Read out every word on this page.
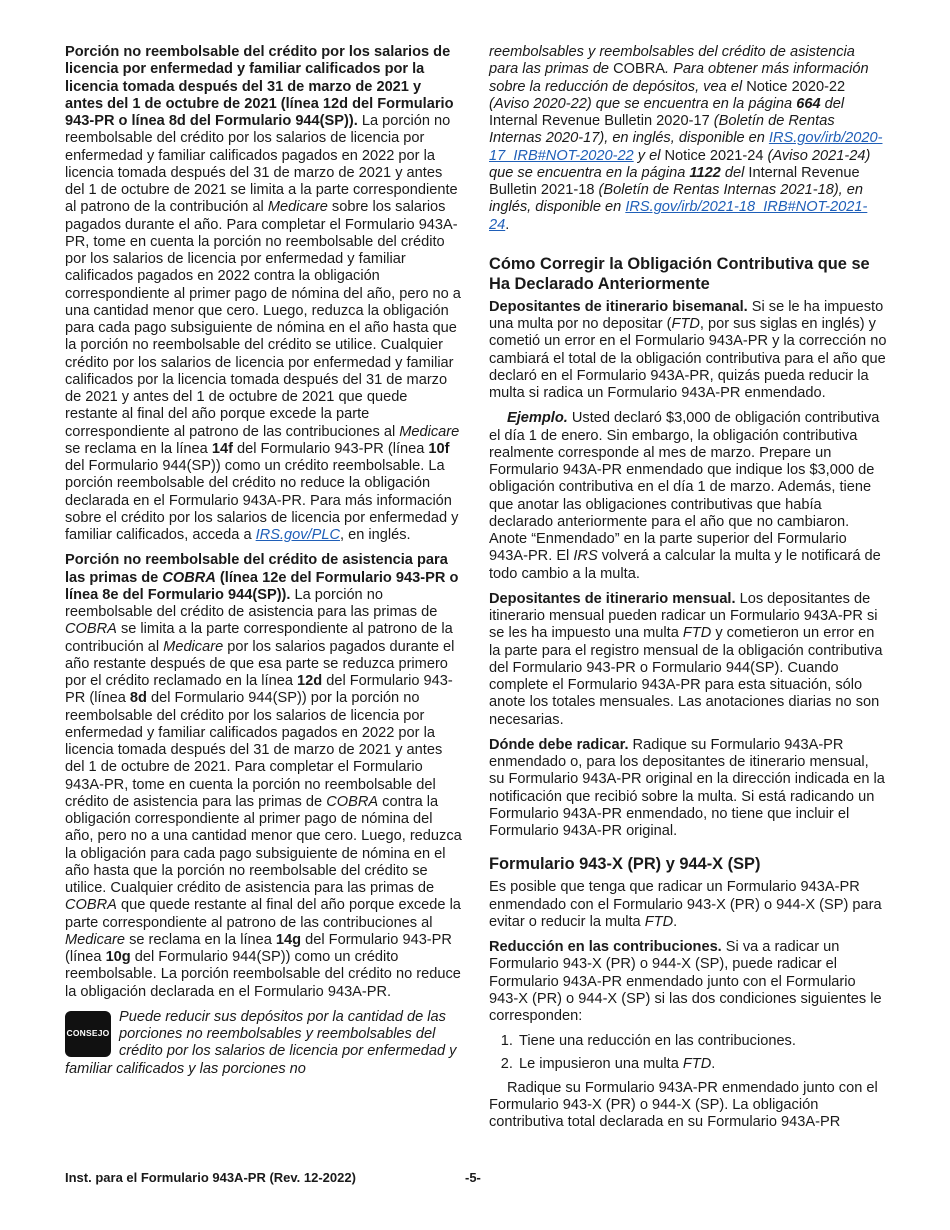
Porción no reembolsable del crédito por los salarios de licencia por enfermedad y familiar calificados por la licencia tomada después del 31 de marzo de 2021 y antes del 1 de octubre de 2021 (línea 12d del Formulario 943-PR o línea 8d del Formulario 944(SP)). La porción no reembolsable del crédito por los salarios de licencia por enfermedad y familiar calificados pagados en 2022 por la licencia tomada después del 31 de marzo de 2021 y antes del 1 de octubre de 2021 se limita a la parte correspondiente al patrono de la contribución al Medicare sobre los salarios pagados durante el año. Para completar el Formulario 943A-PR, tome en cuenta la porción no reembolsable del crédito por los salarios de licencia por enfermedad y familiar calificados pagados en 2022 contra la obligación correspondiente al primer pago de nómina del año, pero no a una cantidad menor que cero. Luego, reduzca la obligación para cada pago subsiguiente de nómina en el año hasta que la porción no reembolsable del crédito se utilice. Cualquier crédito por los salarios de licencia por enfermedad y familiar calificados por la licencia tomada después del 31 de marzo de 2021 y antes del 1 de octubre de 2021 que quede restante al final del año porque excede la parte correspondiente al patrono de las contribuciones al Medicare se reclama en la línea 14f del Formulario 943-PR (línea 10f del Formulario 944(SP)) como un crédito reembolsable. La porción reembolsable del crédito no reduce la obligación declarada en el Formulario 943A-PR. Para más información sobre el crédito por los salarios de licencia por enfermedad y familiar calificados, acceda a IRS.gov/PLC, en inglés.

Porción no reembolsable del crédito de asistencia para las primas de COBRA (línea 12e del Formulario 943-PR o línea 8e del Formulario 944(SP)). La porción no reembolsable del crédito de asistencia para las primas de COBRA se limita a la parte correspondiente al patrono de la contribución al Medicare por los salarios pagados durante el año restante después de que esa parte se reduzca primero por el crédito reclamado en la línea 12d del Formulario 943-PR (línea 8d del Formulario 944(SP)) por la porción no reembolsable del crédito por los salarios de licencia por enfermedad y familiar calificados pagados en 2022 por la licencia tomada después del 31 de marzo de 2021 y antes del 1 de octubre de 2021. Para completar el Formulario 943A-PR, tome en cuenta la porción no reembolsable del crédito de asistencia para las primas de COBRA contra la obligación correspondiente al primer pago de nómina del año, pero no a una cantidad menor que cero. Luego, reduzca la obligación para cada pago subsiguiente de nómina en el año hasta que la porción no reembolsable del crédito se utilice. Cualquier crédito de asistencia para las primas de COBRA que quede restante al final del año porque excede la parte correspondiente al patrono de las contribuciones al Medicare se reclama en la línea 14g del Formulario 943-PR (línea 10g del Formulario 944(SP)) como un crédito reembolsable. La porción reembolsable del crédito no reduce la obligación declarada en el Formulario 943A-PR.

CONSEJO
Puede reducir sus depósitos por la cantidad de las porciones no reembolsables y reembolsables del crédito por los salarios de licencia por enfermedad y familiar calificados y las porciones no

reembolsables y reembolsables del crédito de asistencia para las primas de COBRA. Para obtener más información sobre la reducción de depósitos, vea el Notice 2020-22 (Aviso 2020-22) que se encuentra en la página 664 del Internal Revenue Bulletin 2020-17 (Boletín de Rentas Internas 2020-17), en inglés, disponible en IRS.gov/irb/2020-17_IRB#NOT-2020-22 y el Notice 2021-24 (Aviso 2021-24) que se encuentra en la página 1122 del Internal Revenue Bulletin 2021-18 (Boletín de Rentas Internas 2021-18), en inglés, disponible en IRS.gov/irb/2021-18_IRB#NOT-2021-24.

Cómo Corregir la Obligación Contributiva que se Ha Declarado Anteriormente

Depositantes de itinerario bisemanal. Si se le ha impuesto una multa por no depositar (FTD, por sus siglas en inglés) y cometió un error en el Formulario 943A-PR y la corrección no cambiará el total de la obligación contributiva para el año que declaró en el Formulario 943A-PR, quizás pueda reducir la multa si radica un Formulario 943A-PR enmendado.

Ejemplo. Usted declaró $3,000 de obligación contributiva el día 1 de enero. Sin embargo, la obligación contributiva realmente corresponde al mes de marzo. Prepare un Formulario 943A-PR enmendado que indique los $3,000 de obligación contributiva en el día 1 de marzo. Además, tiene que anotar las obligaciones contributivas que había declarado anteriormente para el año que no cambiaron. Anote “Enmendado” en la parte superior del Formulario 943A-PR. El IRS volverá a calcular la multa y le notificará de todo cambio a la multa.

Depositantes de itinerario mensual. Los depositantes de itinerario mensual pueden radicar un Formulario 943A-PR si se les ha impuesto una multa FTD y cometieron un error en la parte para el registro mensual de la obligación contributiva del Formulario 943-PR o Formulario 944(SP). Cuando complete el Formulario 943A-PR para esta situación, sólo anote los totales mensuales. Las anotaciones diarias no son necesarias.

Dónde debe radicar. Radique su Formulario 943A-PR enmendado o, para los depositantes de itinerario mensual, su Formulario 943A-PR original en la dirección indicada en la notificación que recibió sobre la multa. Si está radicando un Formulario 943A-PR enmendado, no tiene que incluir el Formulario 943A-PR original.

Formulario 943-X (PR) y 944-X (SP)

Es posible que tenga que radicar un Formulario 943A-PR enmendado con el Formulario 943-X (PR) o 944-X (SP) para evitar o reducir la multa FTD.

Reducción en las contribuciones. Si va a radicar un Formulario 943-X (PR) o 944-X (SP), puede radicar el Formulario 943A-PR enmendado junto con el Formulario 943-X (PR) o 944-X (SP) si las dos condiciones siguientes le corresponden:

1. Tiene una reducción en las contribuciones.
2. Le impusieron una multa FTD.

Radique su Formulario 943A-PR enmendado junto con el Formulario 943-X (PR) o 944-X (SP). La obligación contributiva total declarada en su Formulario 943A-PR

Inst. para el Formulario 943A-PR (Rev. 12-2022)	-5-
